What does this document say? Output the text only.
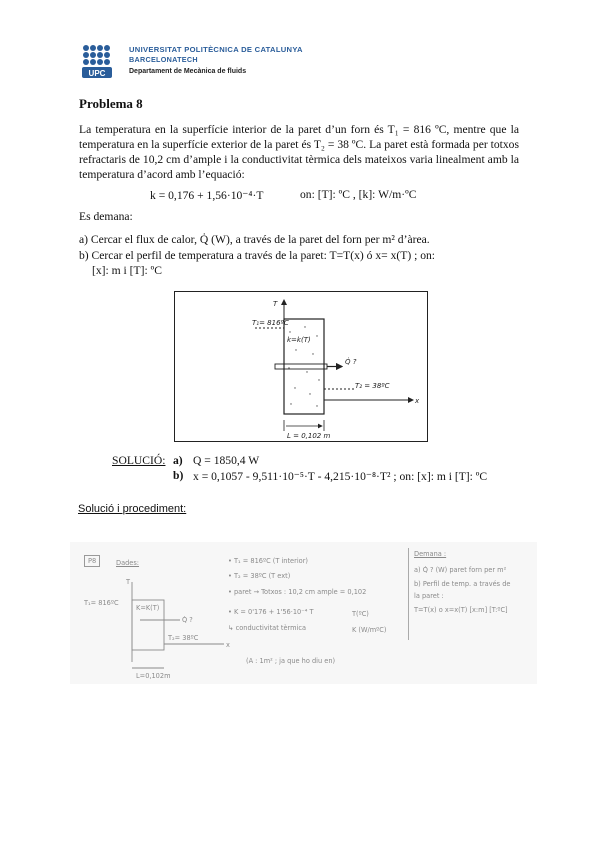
UPC
UNIVERSITAT POLITÈCNICA DE CATALUNYA
BARCELONATECH
Departament de Mecànica de fluids
Problema 8
La temperatura en la superfície interior de la paret d’un forn és T₁ = 816 ºC, mentre que la temperatura en la superfície exterior de la paret és T₂ = 38 ºC. La paret està formada per totxos refractaris de 10,2 cm d’ample i la conductivitat tèrmica dels mateixos varia linealment amb la temperatura d’acord amb l’equació:
k = 0,176 + 1,56·10⁻⁴·T	on: [T]: ºC , [k]: W/m·ºC
Es demana:
a) Cercar el flux de calor, Q̇ (W), a través de la paret del forn per m² d’àrea.
b) Cercar el perfil de temperatura a través de la paret: T=T(x) ó x= x(T) ; on:
[x]: m i [T]: ºC
T
x
T₁= 816ºC
T₂ = 38ºC
k=k(T)
Q̇ ?
L = 0,102 m
SOLUCIÓ: a) Q = 1850,4 W
b) x = 0,1057 - 9,511·10⁻⁵·T - 4,215·10⁻⁸·T² ; on: [x]: m i [T]: ºC
Solució i procediment:
P8	Dades:
T
T₁= 816ºC
K=K(T)
Q̇ ?
T₂= 38ºC
x
L=0,102m
• T₁ = 816ºC (T interior)
• T₂ = 38ºC (T ext)
• paret → Totxos : 10,2 cm ample = 0,102
• K = 0'176 + 1'56·10⁻⁴ T
↳ conductivitat tèrmica
(A : 1m² ; ja que ho diu en)
T(ºC)
K (W/mºC)
Demana :
a) Q̇ ? (W) paret forn per m²
b) Perfil de temp. a través de
la paret :
T=T(x) o x=x(T) [x:m] [T:ºC]
